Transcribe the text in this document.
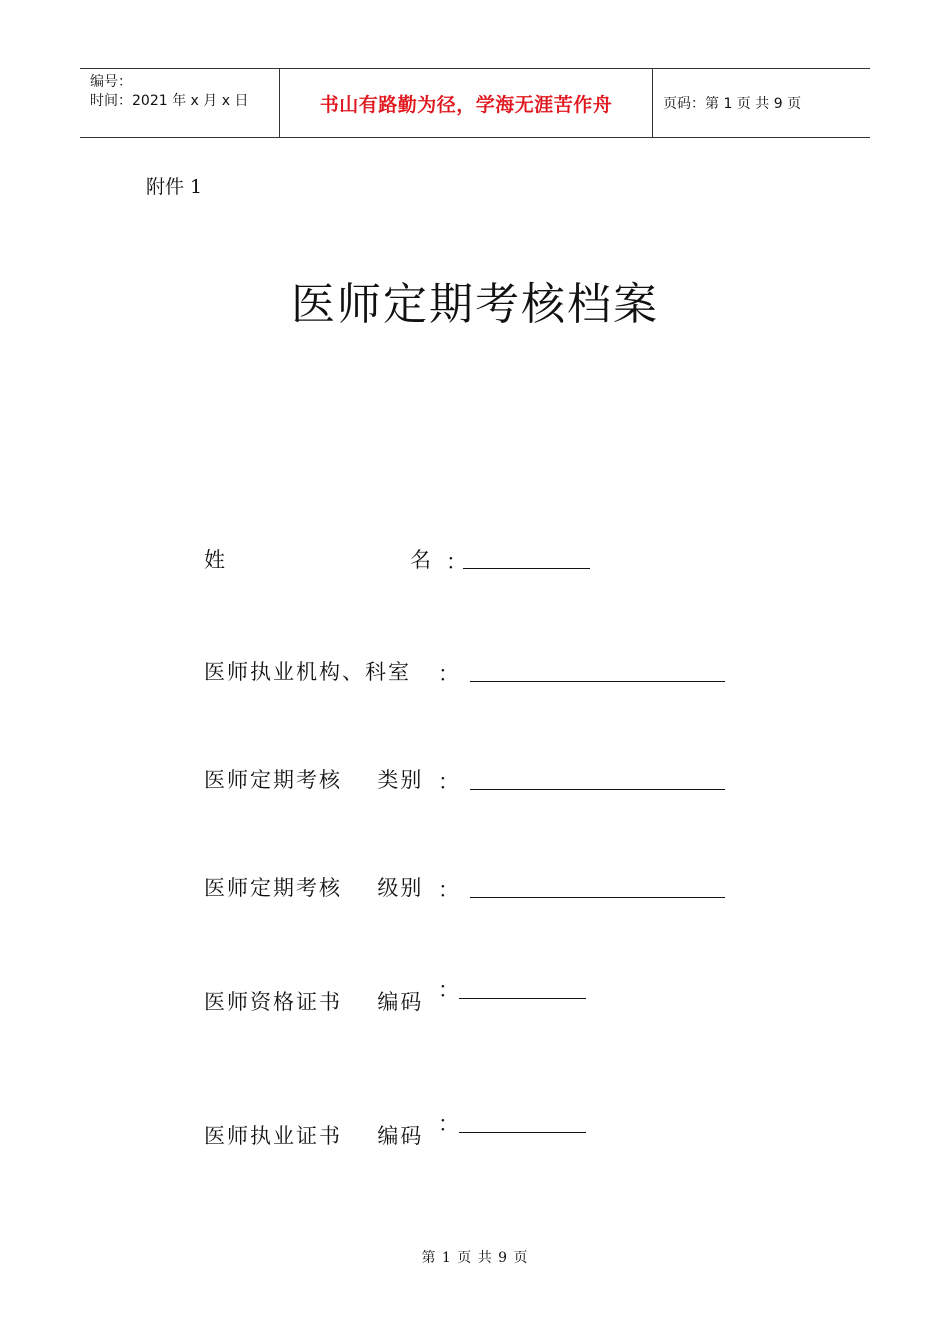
编号：
时间：2021 年 x 月 x 日	书山有路勤为径，学海无涯苦作舟	页码：第 1 页 共 9 页
附件 1
医师定期考核档案
姓	名 ：
医师执业机构、科室 ：
医师定期考核 类别 ：
医师定期考核 级别 ：
医师资格证书 编码 ：
医师执业证书 编码 ：
第 1 页 共 9 页
